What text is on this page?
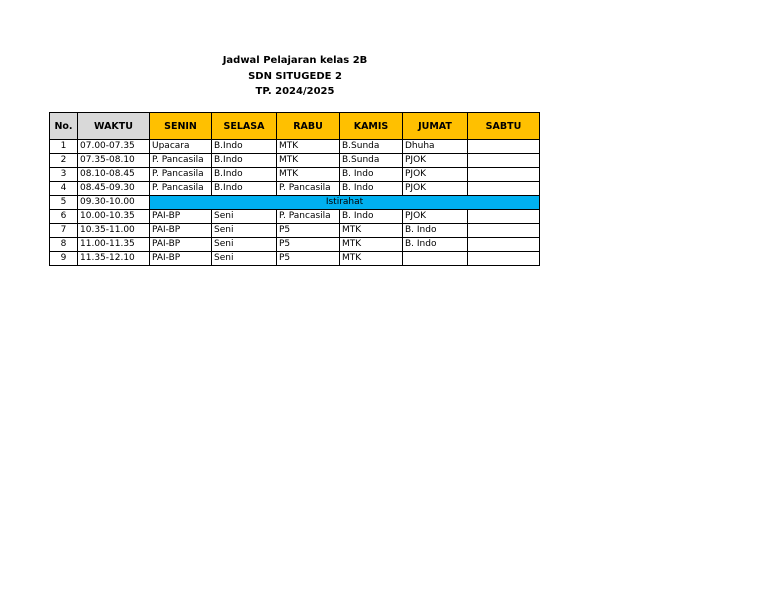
Jadwal Pelajaran kelas 2B
SDN SITUGEDE 2
TP. 2024/2025
No.	WAKTU	SENIN	SELASA	RABU	KAMIS	JUMAT	SABTU
1	07.00-07.35	Upacara	B.Indo	MTK	B.Sunda	Dhuha	
2	07.35-08.10	P. Pancasila	B.Indo	MTK	B.Sunda	PJOK	
3	08.10-08.45	P. Pancasila	B.Indo	MTK	B. Indo	PJOK	
4	08.45-09.30	P. Pancasila	B.Indo	P. Pancasila	B. Indo	PJOK	
5	09.30-10.00	Istirahat					
6	10.00-10.35	PAI-BP	Seni	P. Pancasila	B. Indo	PJOK	
7	10.35-11.00	PAI-BP	Seni	P5	MTK	B. Indo	
8	11.00-11.35	PAI-BP	Seni	P5	MTK	B. Indo	
9	11.35-12.10	PAI-BP	Seni	P5	MTK		
